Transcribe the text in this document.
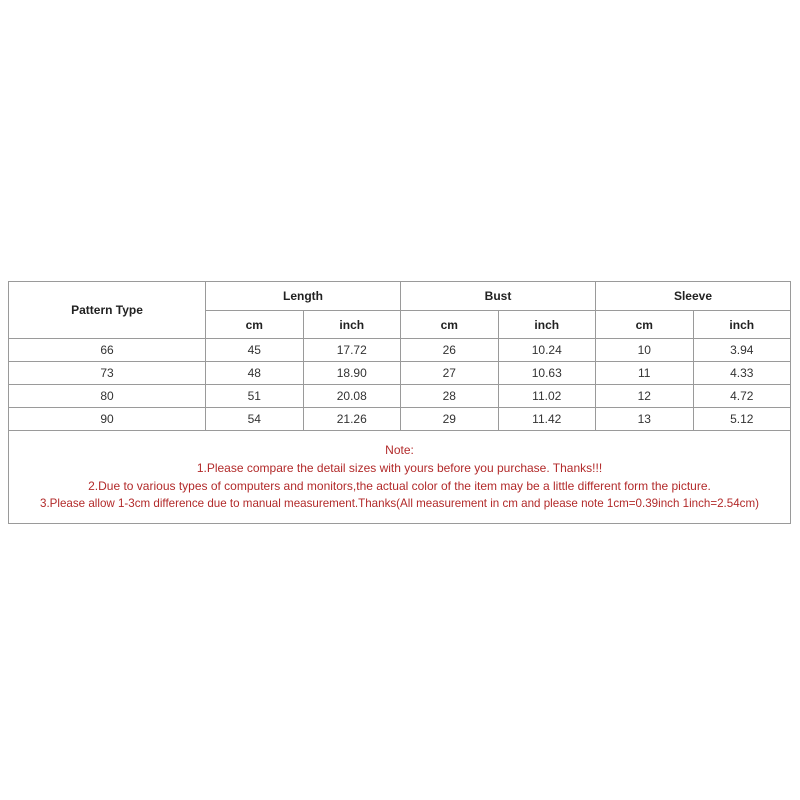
Pattern Type	Length		Bust		Sleeve	
	cm	inch	cm	inch	cm	inch
66	45	17.72	26	10.24	10	3.94
73	48	18.90	27	10.63	11	4.33
80	51	20.08	28	11.02	12	4.72
90	54	21.26	29	11.42	13	5.12
Note:
1.Please compare the detail sizes with yours before you purchase. Thanks!!!
2.Due to various types of computers and monitors,the actual color of the item may be a little different form the picture.
3.Please allow 1-3cm difference due to manual measurement.Thanks(All measurement in cm and please note 1cm=0.39inch 1inch=2.54cm)
